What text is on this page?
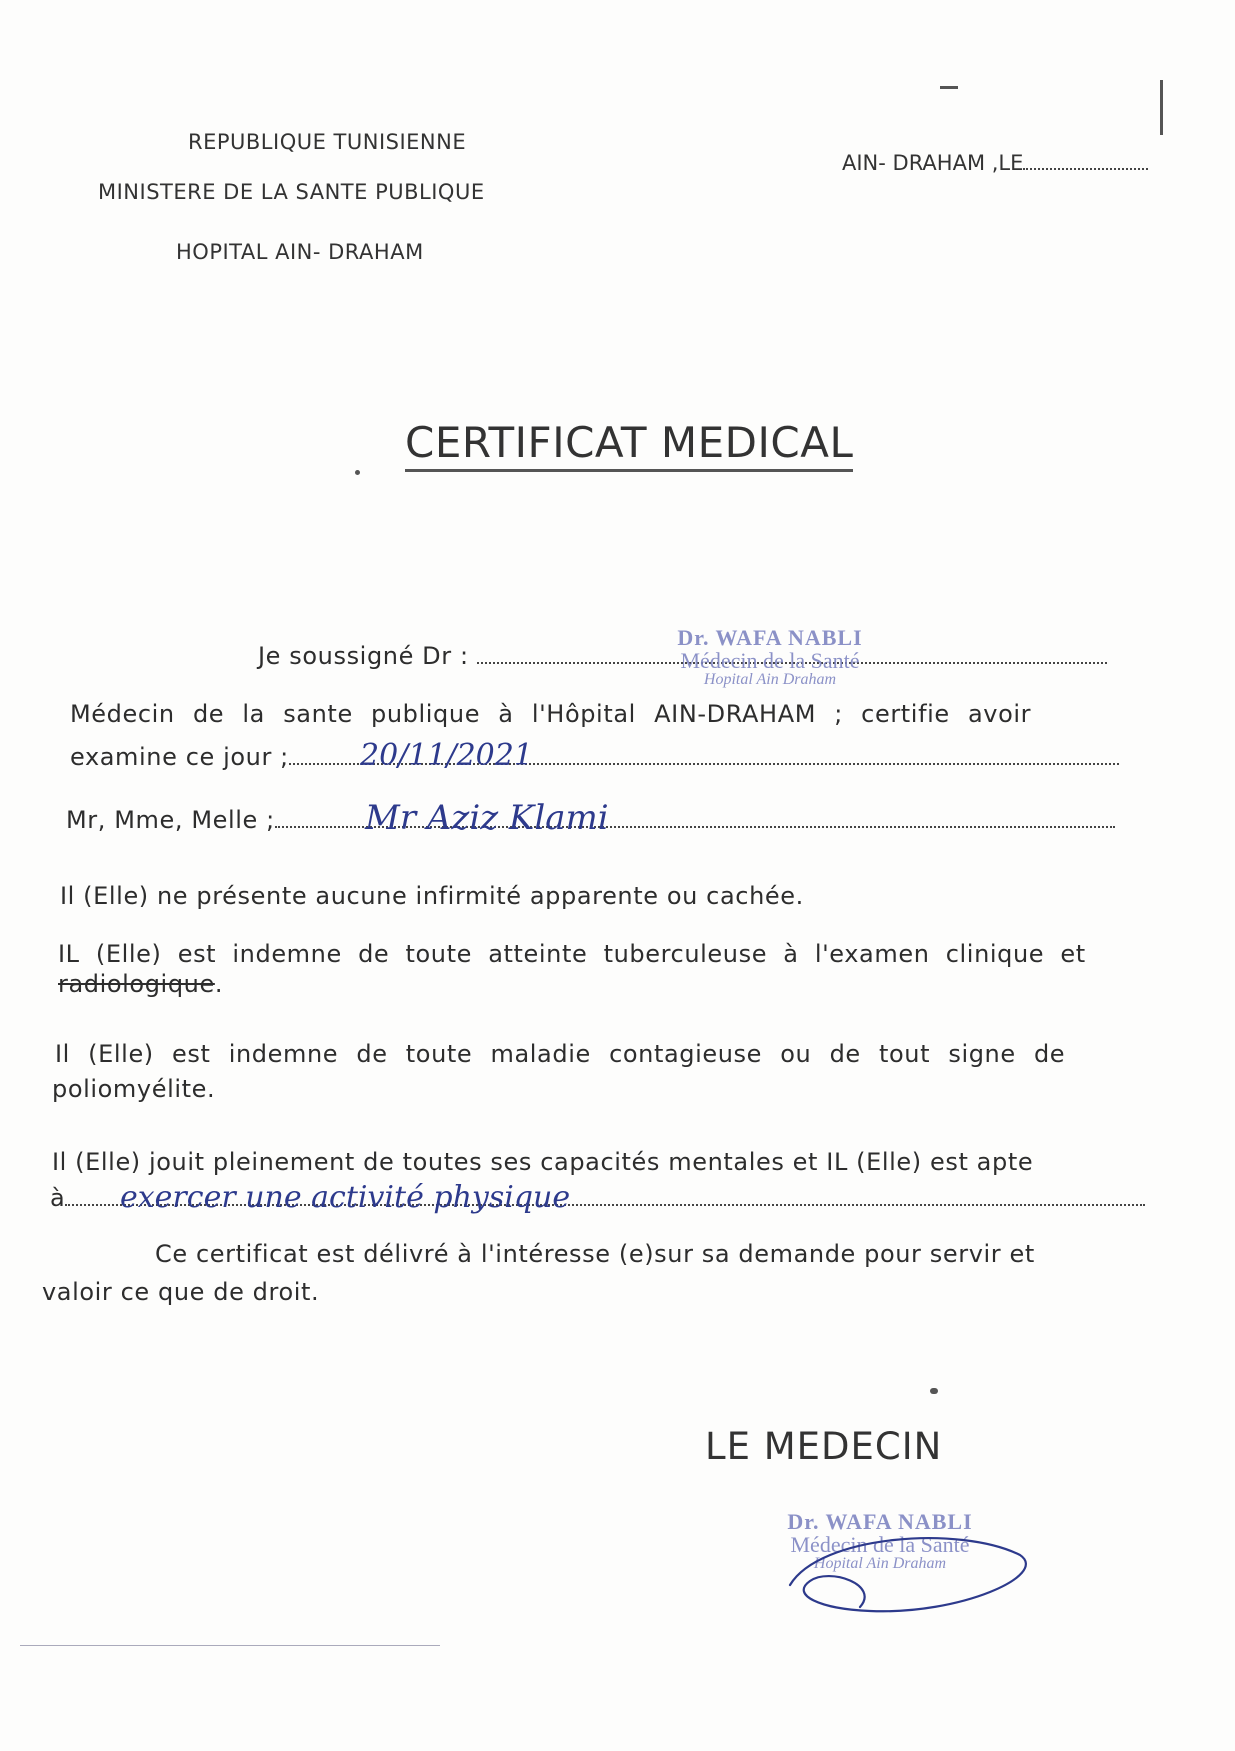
REPUBLIQUE TUNISIENNE
MINISTERE DE LA SANTE PUBLIQUE
HOPITAL AIN- DRAHAM
AIN- DRAHAM ,LE
CERTIFICAT MEDICAL
Je soussigné Dr :
Dr. WAFA NABLI
Médecin de la Santé
Hopital Ain Draham
Médecin de la sante publique à l'Hôpital AIN-DRAHAM ; certifie avoir
examine ce jour ;	20/11/2021
Mr, Mme, Melle ;	Mr Aziz Klami
Il (Elle) ne présente aucune infirmité apparente ou cachée.
IL (Elle) est indemne de toute atteinte tuberculeuse à l'examen clinique et
radiologique.
Il (Elle) est indemne de toute maladie contagieuse ou de tout signe de
poliomyélite.
Il (Elle) jouit pleinement de toutes ses capacités mentales et IL (Elle) est apte
à	exercer une activité physique
Ce certificat est délivré à l'intéresse (e)sur sa demande pour servir et
valoir ce que de droit.
LE MEDECIN
Dr. WAFA NABLI
Médecin de la Santé
Hopital Ain Draham
